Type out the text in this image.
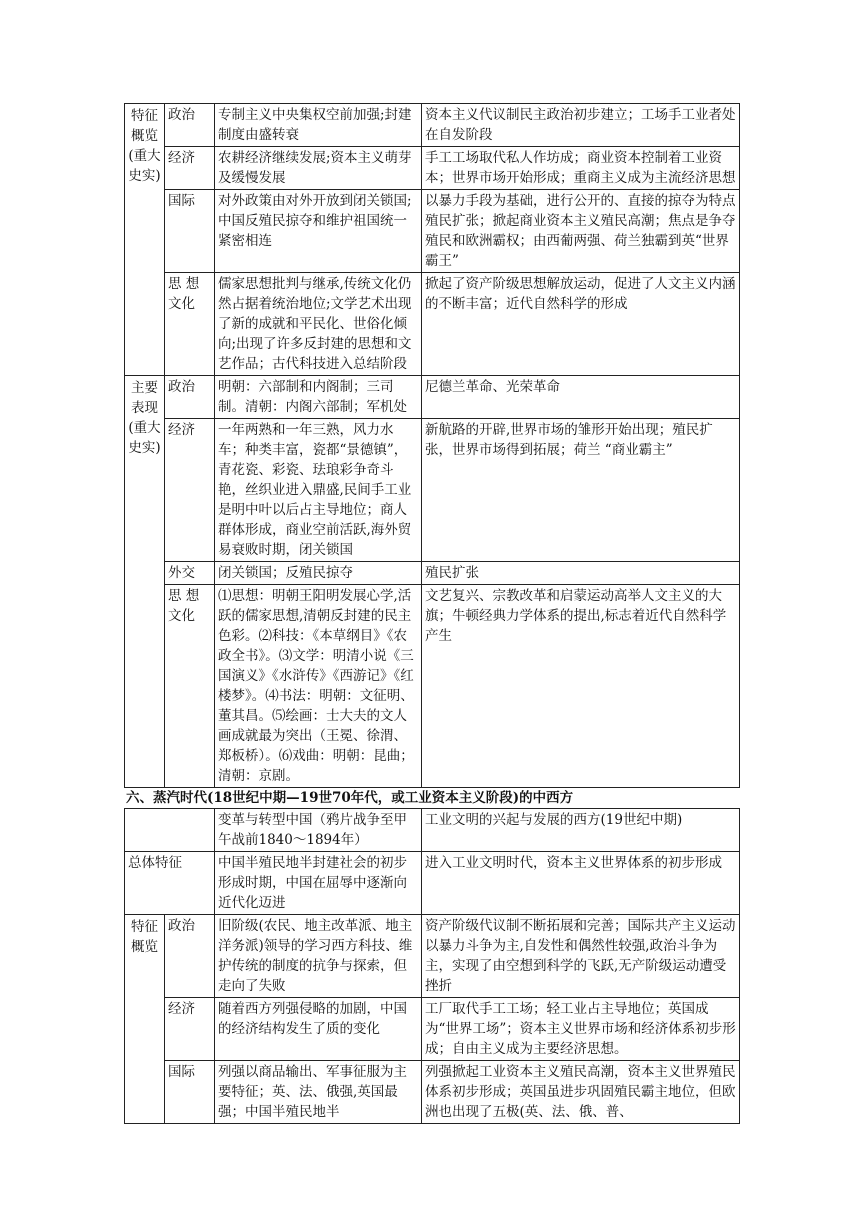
特征概览(重大史实)	政治	专制主义中央集权空前加强;封建制度由盛转衰	资本主义代议制民主政治初步建立；工场手工业者处在自发阶段
	经济	农耕经济继续发展;资本主义萌芽及缓慢发展	手工工场取代私人作坊成；商业资本控制着工业资本；世界市场开始形成；重商主义成为主流经济思想
	国际	对外政策由对外开放到闭关锁国;中国反殖民掠夺和维护祖国统一紧密相连	以暴力手段为基础，进行公开的、直接的掠夺为特点殖民扩张；掀起商业资本主义殖民高潮；焦点是争夺殖民和欧洲霸权；由西葡两强、荷兰独霸到英“世界霸王”
	思 想文化	儒家思想批判与继承,传统文化仍然占据着统治地位;文学艺术出现了新的成就和平民化、世俗化倾向;出现了许多反封建的思想和文艺作品；古代科技进入总结阶段	掀起了资产阶级思想解放运动，促进了人文主义内涵的不断丰富；近代自然科学的形成
主要表现(重大史实)	政治	明朝：六部制和内阁制；三司制。清朝：内阁六部制；军机处	尼德兰革命、光荣革命
	经济	一年两熟和一年三熟，风力水车；种类丰富，瓷都“景德镇”，青花瓷、彩瓷、珐琅彩争奇斗艳，丝织业进入鼎盛,民间手工业是明中叶以后占主导地位；商人群体形成，商业空前活跃,海外贸易衰败时期，闭关锁国	新航路的开辟,世界市场的雏形开始出现；殖民扩张，世界市场得到拓展；荷兰 “商业霸主”
	外交	闭关锁国；反殖民掠夺	殖民扩张
	思 想文化	⑴思想：明朝王阳明发展心学,活跃的儒家思想,清朝反封建的民主色彩。⑵科技：《本草纲目》《农政全书》。⑶文学：明清小说《三国演义》《水浒传》《西游记》《红楼梦》。⑷书法：明朝：文征明、董其昌。⑸绘画：士大夫的文人画成就最为突出（王冕、徐渭、郑板桥）。⑹戏曲：明朝：昆曲；清朝：京剧。	文艺复兴、宗教改革和启蒙运动高举人文主义的大旗；牛顿经典力学体系的提出,标志着近代自然科学产生
六、蒸汽时代(18世纪中期—19世70年代，或工业资本主义阶段)的中西方
		变革与转型中国（鸦片战争至甲午战前1840～1894年）	工业文明的兴起与发展的西方(19世纪中期)
总体特征		中国半殖民地半封建社会的初步形成时期，中国在屈辱中逐渐向近代化迈进	进入工业文明时代，资本主义世界体系的初步形成
特征概览	政治	旧阶级(农民、地主改革派、地主洋务派)领导的学习西方科技、维护传统的制度的抗争与探索，但走向了失败	资产阶级代议制不断拓展和完善；国际共产主义运动以暴力斗争为主,自发性和偶然性较强,政治斗争为主，实现了由空想到科学的飞跃,无产阶级运动遭受挫折
	经济	随着西方列强侵略的加剧，中国的经济结构发生了质的变化	工厂取代手工工场；轻工业占主导地位；英国成为“世界工场”；资本主义世界市场和经济体系初步形成；自由主义成为主要经济思想。
	国际	列强以商品输出、军事征服为主要特征；英、法、俄强,英国最强；中国半殖民地半	列强掀起工业资本主义殖民高潮，资本主义世界殖民体系初步形成；英国虽进步巩固殖民霸主地位，但欧洲也出现了五极(英、法、俄、普、
